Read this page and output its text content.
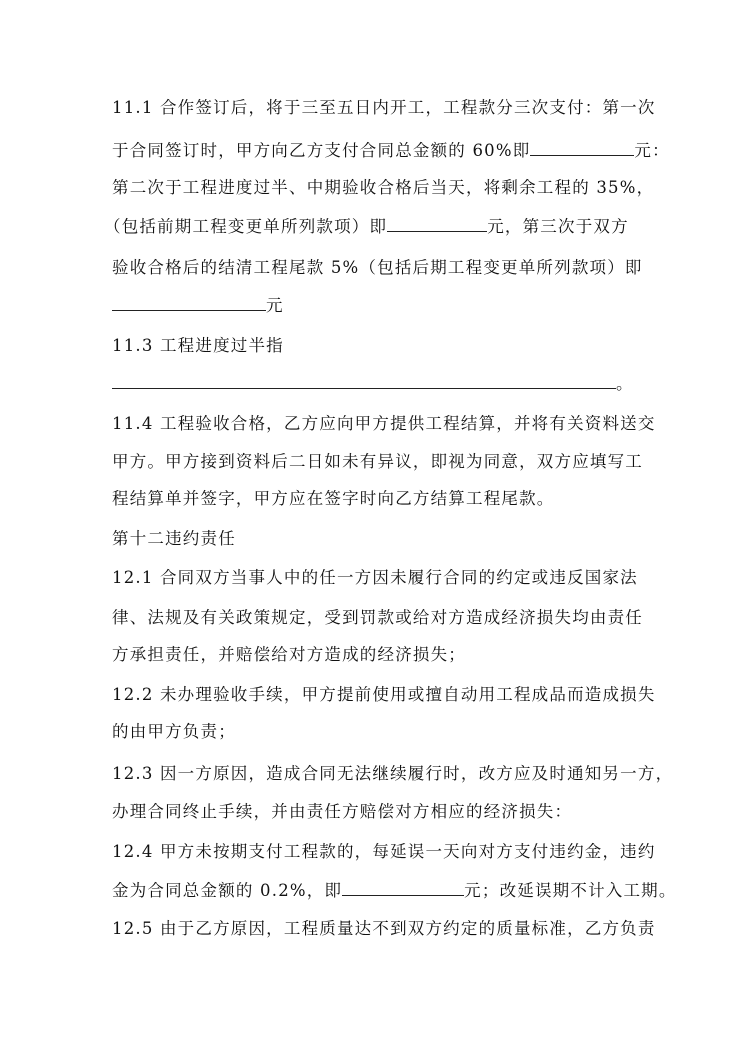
11.1 合作签订后，将于三至五日内开工，工程款分三次支付：第一次
于合同签订时，甲方向乙方支付合同总金额的 60%即	元：
第二次于工程进度过半、中期验收合格后当天，将剩余工程的 35%，
（包括前期工程变更单所列款项）即	元，第三次于双方
验收合格后的结清工程尾款 5%（包括后期工程变更单所列款项）即
元
11.3 工程进度过半指
。
11.4 工程验收合格，乙方应向甲方提供工程结算，并将有关资料送交
甲方。甲方接到资料后二日如未有异议，即视为同意，双方应填写工
程结算单并签字，甲方应在签字时向乙方结算工程尾款。
第十二违约责任
12.1 合同双方当事人中的任一方因未履行合同的约定或违反国家法
律、法规及有关政策规定，受到罚款或给对方造成经济损失均由责任
方承担责任，并赔偿给对方造成的经济损失；
12.2 未办理验收手续，甲方提前使用或擅自动用工程成品而造成损失
的由甲方负责；
12.3 因一方原因，造成合同无法继续履行时，改方应及时通知另一方，
办理合同终止手续，并由责任方赔偿对方相应的经济损失：
12.4 甲方未按期支付工程款的，每延误一天向对方支付违约金，违约
金为合同总金额的 0.2%，即	元；改延误期不计入工期。
12.5 由于乙方原因，工程质量达不到双方约定的质量标准，乙方负责
